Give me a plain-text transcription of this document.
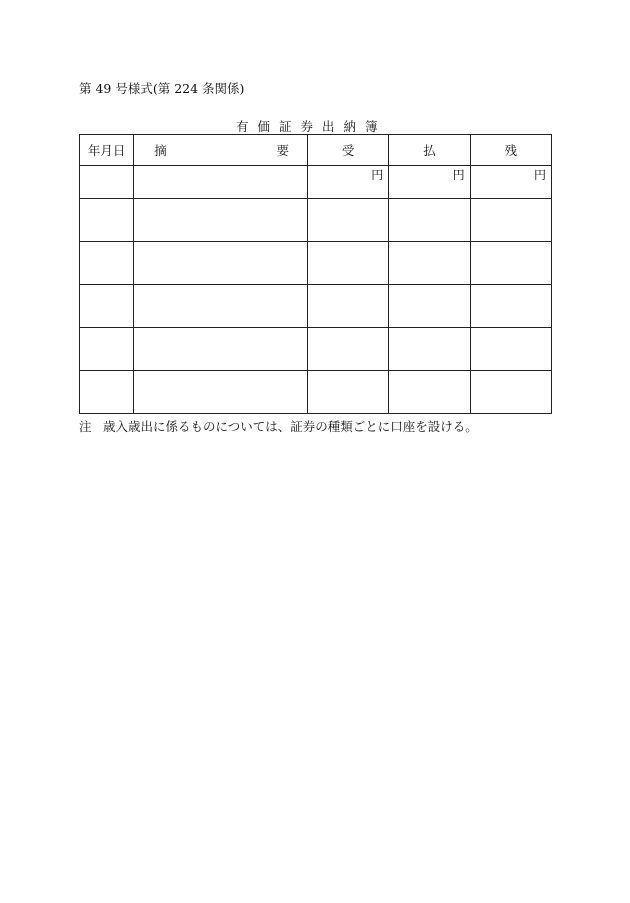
第 49 号様式(第 224 条関係)
有価証券出納簿
年月日	摘 要	受	払	残

		円	円	円

注 歳入歳出に係るものについては、証券の種類ごとに口座を設ける。
